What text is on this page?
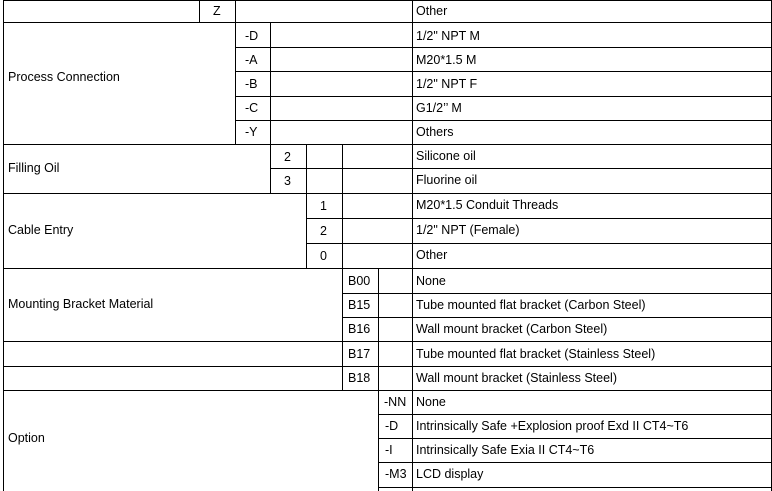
Process Connection
Filling Oil
Cable Entry
Mounting Bracket Material
Option
Z
-D
-A
-B
-C
-Y
2
3
1
2
0
B00
B15
B16
B17
B18
-NN
-D
-I
-M3
Other
1/2" NPT M
M20*1.5 M
1/2" NPT F
G1/2’’ M
Others
Silicone oil
Fluorine oil
M20*1.5 Conduit Threads
1/2" NPT (Female)
Other
None
Tube mounted flat bracket (Carbon Steel)
Wall mount bracket (Carbon Steel)
Tube mounted flat bracket (Stainless Steel)
Wall mount bracket (Stainless Steel)
None
Intrinsically Safe +Explosion proof Exd II CT4~T6
Intrinsically Safe Exia II CT4~T6
LCD display
